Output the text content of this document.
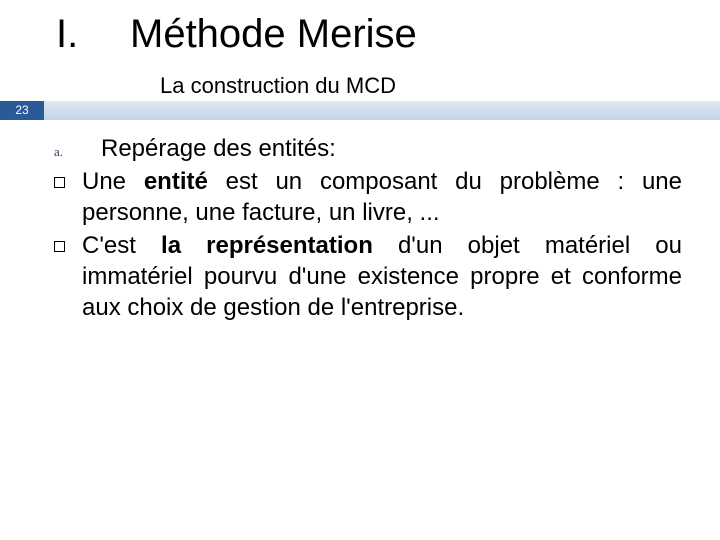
I. Méthode Merise
La construction du MCD
23
a. Repérage des entités:
Une entité est un composant du problème : une personne, une facture, un livre, ...
C'est la représentation d'un objet matériel ou immatériel pourvu d'une existence propre et conforme aux choix de gestion de l'entreprise.
